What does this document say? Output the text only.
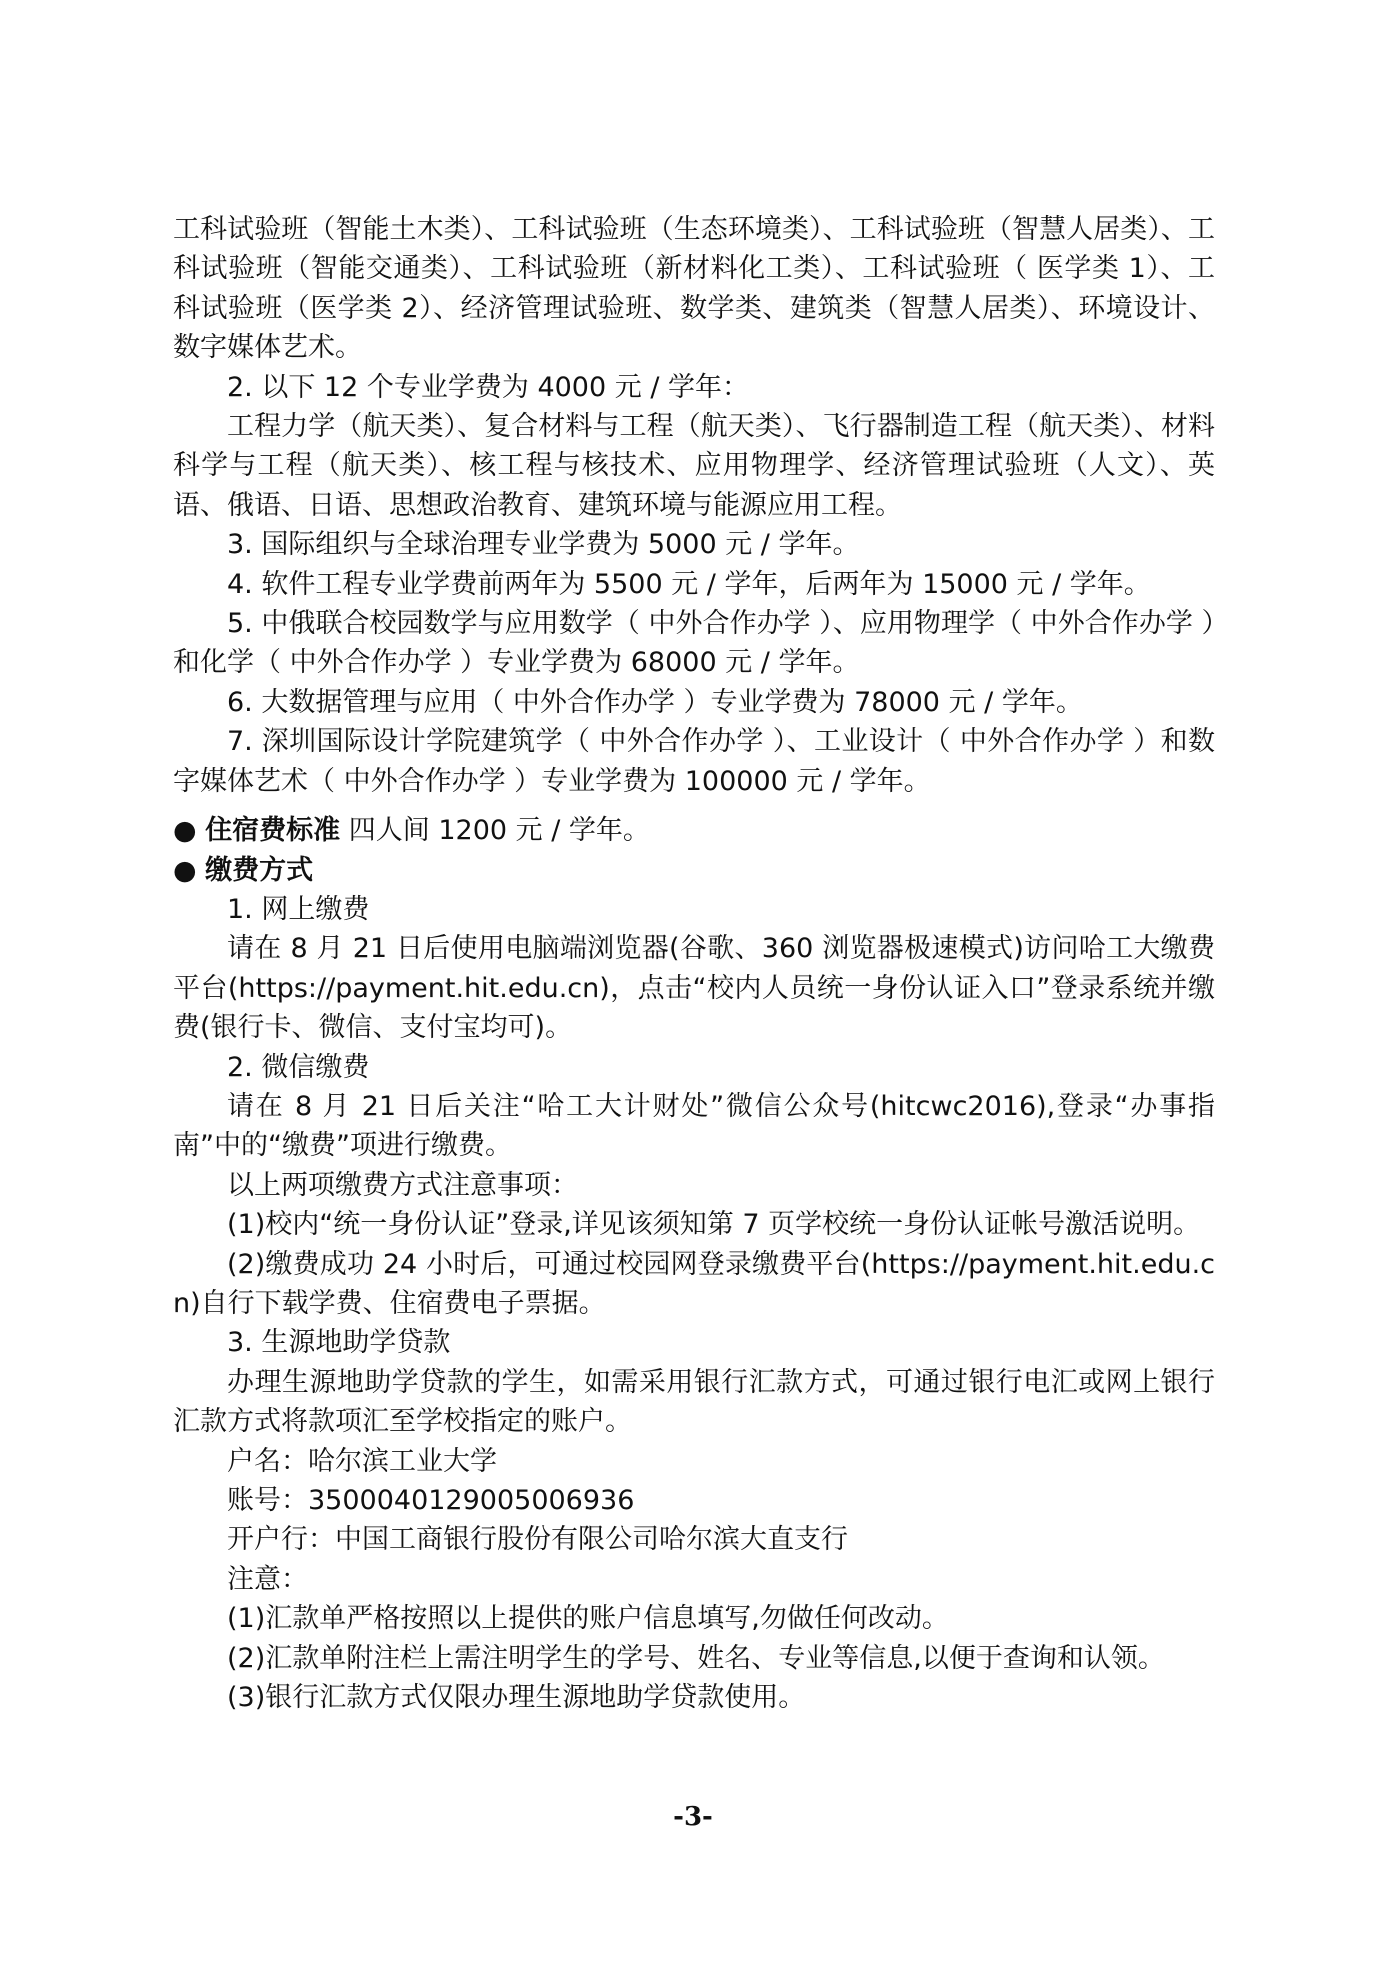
工科试验班（智能土木类）、工科试验班（生态环境类）、工科试验班（智慧人居类）、工科试验班（智能交通类）、工科试验班（新材料化工类）、工科试验班（ 医学类 1）、工科试验班（医学类 2）、经济管理试验班、数学类、建筑类（智慧人居类）、环境设计、数字媒体艺术。

2. 以下 12 个专业学费为 4000 元 / 学年：

工程力学（航天类）、复合材料与工程（航天类）、飞行器制造工程（航天类）、材料科学与工程（航天类）、核工程与核技术、应用物理学、经济管理试验班（人文）、英语、俄语、日语、思想政治教育、建筑环境与能源应用工程。

3. 国际组织与全球治理专业学费为 5000 元 / 学年。

4. 软件工程专业学费前两年为 5500 元 / 学年，后两年为 15000 元 / 学年。

5. 中俄联合校园数学与应用数学（ 中外合作办学 ）、应用物理学（ 中外合作办学 ）和化学（ 中外合作办学 ）专业学费为 68000 元 / 学年。

6. 大数据管理与应用（ 中外合作办学 ）专业学费为 78000 元 / 学年。

7. 深圳国际设计学院建筑学（ 中外合作办学 ）、工业设计（ 中外合作办学 ）和数字媒体艺术（ 中外合作办学 ）专业学费为 100000 元 / 学年。

● 住宿费标准 四人间 1200 元 / 学年。

● 缴费方式

1. 网上缴费

请在 8 月 21 日后使用电脑端浏览器(谷歌、360 浏览器极速模式)访问哈工大缴费平台(https://payment.hit.edu.cn)，点击“校内人员统一身份认证入口”登录系统并缴费(银行卡、微信、支付宝均可)。

2. 微信缴费

请在 8 月 21 日后关注“哈工大计财处”微信公众号(hitcwc2016),登录“办事指南”中的“缴费”项进行缴费。

以上两项缴费方式注意事项：

(1)校内“统一身份认证”登录,详见该须知第 7 页学校统一身份认证帐号激活说明。

(2)缴费成功 24 小时后，可通过校园网登录缴费平台(https://payment.hit.edu.cn)自行下载学费、住宿费电子票据。

3. 生源地助学贷款

办理生源地助学贷款的学生，如需采用银行汇款方式，可通过银行电汇或网上银行汇款方式将款项汇至学校指定的账户。

户名：哈尔滨工业大学

账号：3500040129005006936

开户行：中国工商银行股份有限公司哈尔滨大直支行

注意：

(1)汇款单严格按照以上提供的账户信息填写,勿做任何改动。

(2)汇款单附注栏上需注明学生的学号、姓名、专业等信息,以便于查询和认领。

(3)银行汇款方式仅限办理生源地助学贷款使用。

-3-
